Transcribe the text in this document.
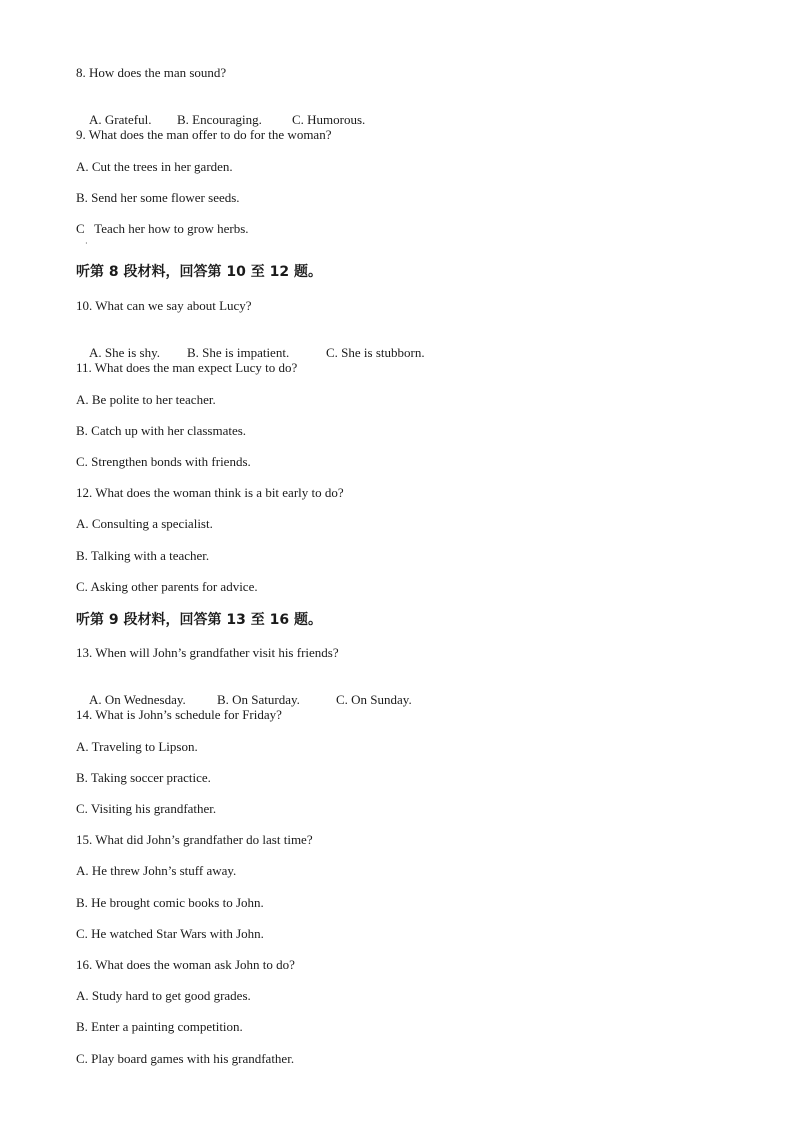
8. How does the man sound?

A. Grateful. B. Encouraging. C. Humorous.

9. What does the man offer to do for the woman?
A. Cut the trees in her garden.
B. Send her some flower seeds.
C   Teach her how to grow herbs.
·
听第 8 段材料，回答第 10 至 12 题。
10. What can we say about Lucy?

A. She is shy. B. She is impatient.	C. She is stubborn.

11. What does the man expect Lucy to do?
A. Be polite to her teacher.
B. Catch up with her classmates.
C. Strengthen bonds with friends.
12. What does the woman think is a bit early to do?
A. Consulting a specialist.
B. Talking with a teacher.
C. Asking other parents for advice.
听第 9 段材料，回答第 13 至 16 题。
13. When will John’s grandfather visit his friends?

A. On Wednesday. B. On Saturday.	C. On Sunday.

14. What is John’s schedule for Friday?
A. Traveling to Lipson.
B. Taking soccer practice.
C. Visiting his grandfather.
15. What did John’s grandfather do last time?
A. He threw John’s stuff away.
B. He brought comic books to John.
C. He watched Star Wars with John.
16. What does the woman ask John to do?
A. Study hard to get good grades.
B. Enter a painting competition.
C. Play board games with his grandfather.
